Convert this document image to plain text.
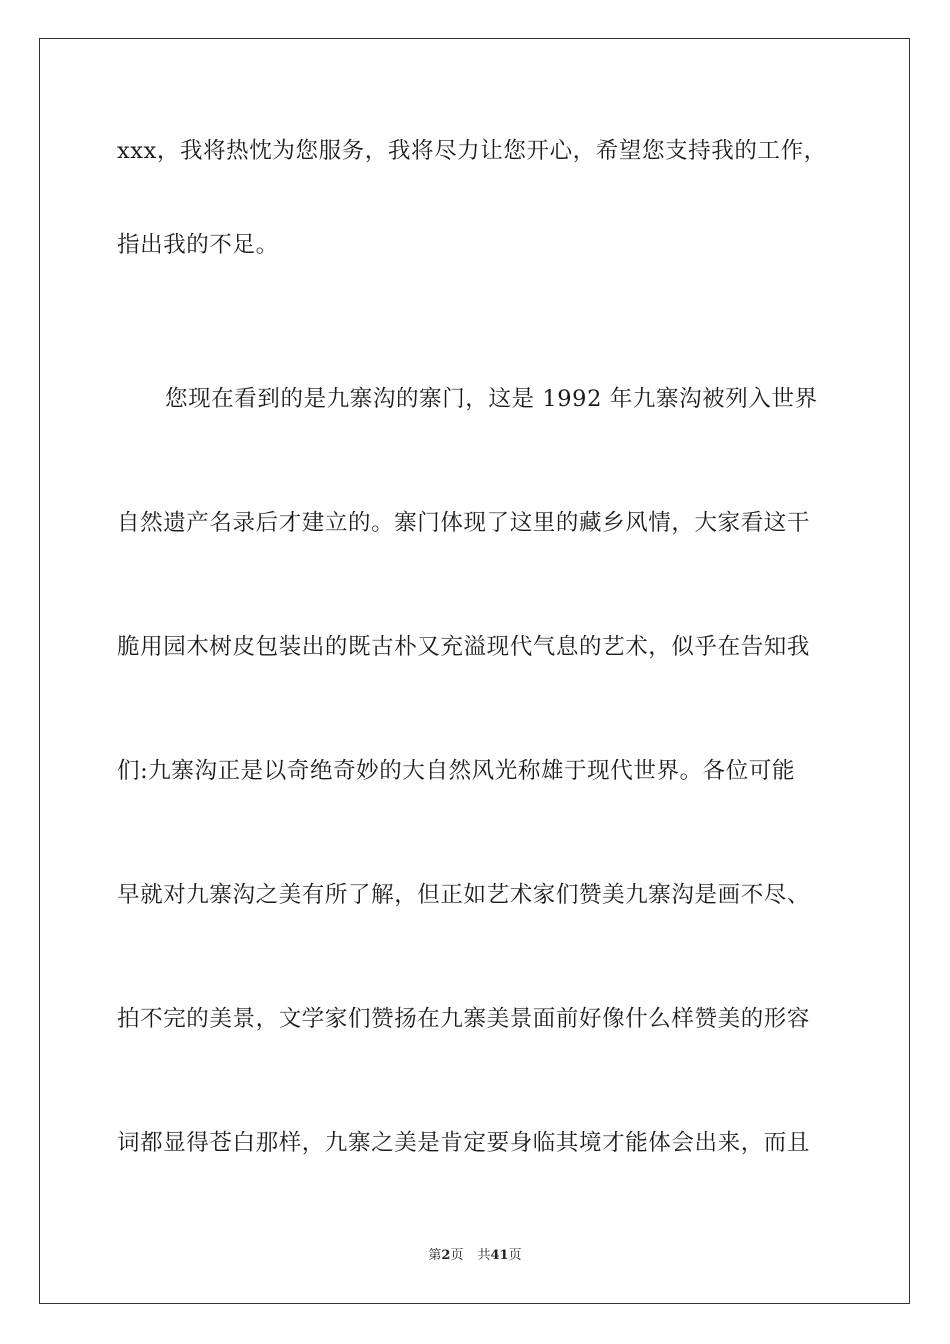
xxx，我将热忱为您服务，我将尽力让您开心，希望您支持我的工作，
指出我的不足。
您现在看到的是九寨沟的寨门，这是 1992 年九寨沟被列入世界
自然遗产名录后才建立的。寨门体现了这里的藏乡风情，大家看这干
脆用园木树皮包装出的既古朴又充溢现代气息的艺术，似乎在告知我
们:九寨沟正是以奇绝奇妙的大自然风光称雄于现代世界。各位可能
早就对九寨沟之美有所了解，但正如艺术家们赞美九寨沟是画不尽、
拍不完的美景，文学家们赞扬在九寨美景面前好像什么样赞美的形容
词都显得苍白那样，九寨之美是肯定要身临其境才能体会出来，而且
第2页 共41页
